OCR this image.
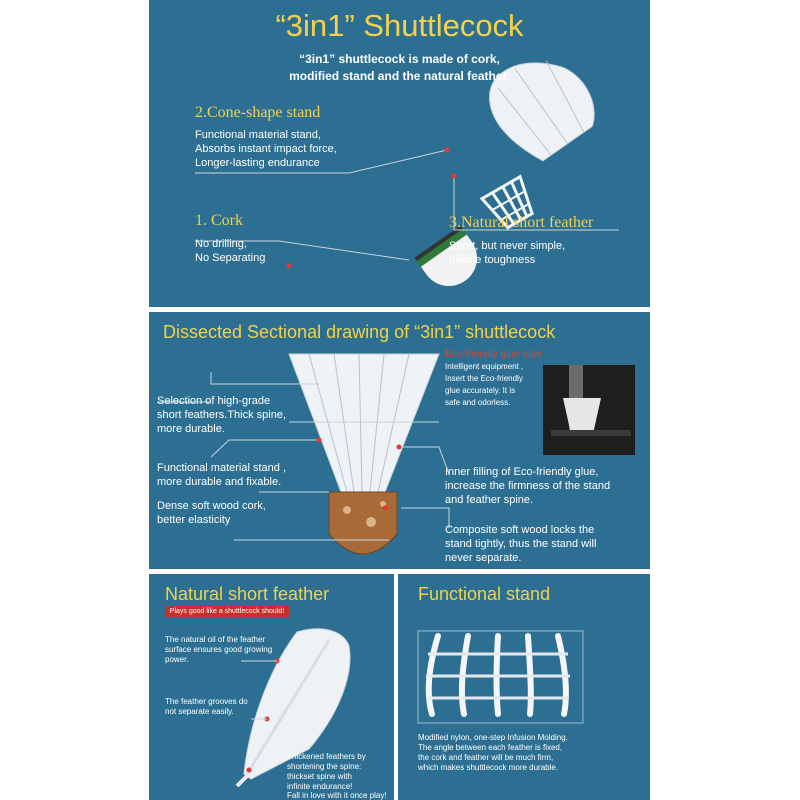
“3in1” Shuttlecock
“3in1” shuttlecock is made of cork,
modified stand and the natural feather.
2.Cone-shape stand
Functional material stand,
Absorbs instant impact force,
Longer-lasting endurance
1. Cork
No drilling,
No Separating
3.Natural short feather
Short, but never simple,
Infinite toughness
Dissected Sectional drawing of “3in1” shuttlecock
Eco-friendly glue tube
Intelligent equipment ,
Insert the Eco-friendly
glue accurately. It is
safe and odorless.
Selection of high-grade
short feathers.Thick spine,
more durable.
Functional material stand ,
more durable and fixable.
Dense soft wood cork,
better elasticity
Inner filling of Eco-friendly glue,
increase the firmness of the stand
and feather spine.
Composite soft wood locks the
stand tightly, thus the stand will
never separate.
Natural short feather
Plays good like a shuttlecock should!
The natural oil of the feather
surface ensures good growing
power.
The feather grooves do
not separate easily.
Thickened feathers by
shortening the spine:
thickset spine with
infinite endurance!
Fall in love with it once play!
Functional stand
Modified nylon, one-step Infusion Molding.
The angle between each feather is fixed,
the cork and feather will be much firm,
which makes shuttlecock more durable.
